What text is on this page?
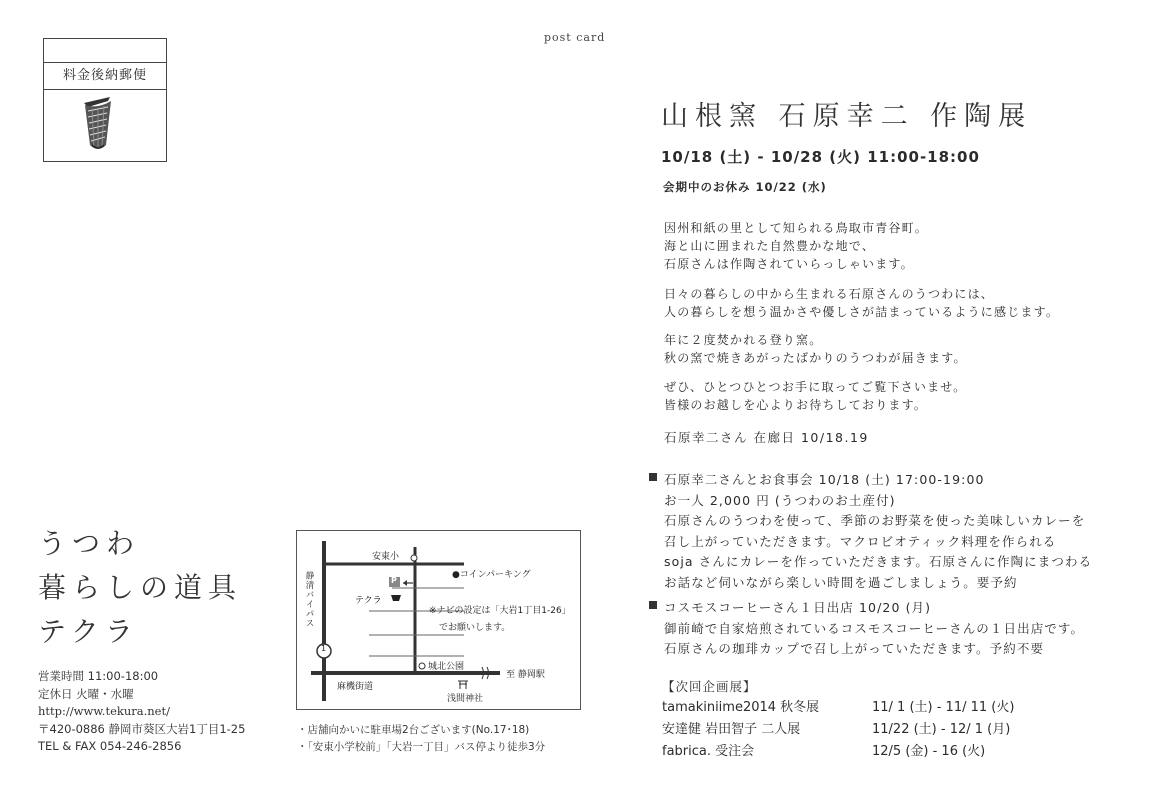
post card
料金後納郵便
山根窯 石原幸二 作陶展
10/18 (土) - 10/28 (火) 11:00-18:00
会期中のお休み 10/22 (水)
因州和紙の里として知られる鳥取市青谷町。
海と山に囲まれた自然豊かな地で、
石原さんは作陶されていらっしゃいます。
日々の暮らしの中から生まれる石原さんのうつわには、
人の暮らしを想う温かさや優しさが詰まっているように感じます。
年に２度焚かれる登り窯。
秋の窯で焼きあがったばかりのうつわが届きます。
ぜひ、ひとつひとつお手に取ってご覧下さいませ。
皆様のお越しを心よりお待ちしております。
石原幸二さん 在廊日 10/18.19
石原幸二さんとお食事会 10/18 (土) 17:00-19:00
お一人 2,000 円 (うつわのお土産付)
石原さんのうつわを使って、季節のお野菜を使った美味しいカレーを
召し上がっていただきます。マクロビオティック料理を作られる
soja さんにカレーを作っていただきます。石原さんに作陶にまつわる
お話など伺いながら楽しい時間を過ごしましょう。要予約
コスモスコーヒーさん１日出店 10/20 (月)
御前崎で自家焙煎されているコスモスコーヒーさんの１日出店です。
石原さんの珈琲カップで召し上がっていただきます。予約不要
【次回企画展】
tamakiniime2014 秋冬展	11/ 1 (土) - 11/ 11 (火)
安達健 岩田智子 二人展	11/22 (土) - 12/ 1 (月)
fabrica. 受注会	12/5 (金) - 16 (火)
うつわ
暮らしの道具
テクラ
営業時間 11:00-18:00
定休日 火曜・水曜
http://www.tekura.net/
〒420-0886 静岡市葵区大岩1丁目1-25
TEL & FAX 054-246-2856
安東小
●コインパーキング
P
テクラ
※ナビの設定は「大岩1丁目1-26」
でお願いします。
静清バイパス
1
城北公園
至 静岡駅
麻機街道
浅間神社
・店舗向かいに駐車場2台ございます(No.17･18)
・「安東小学校前」「大岩一丁目」バス停より徒歩3分
